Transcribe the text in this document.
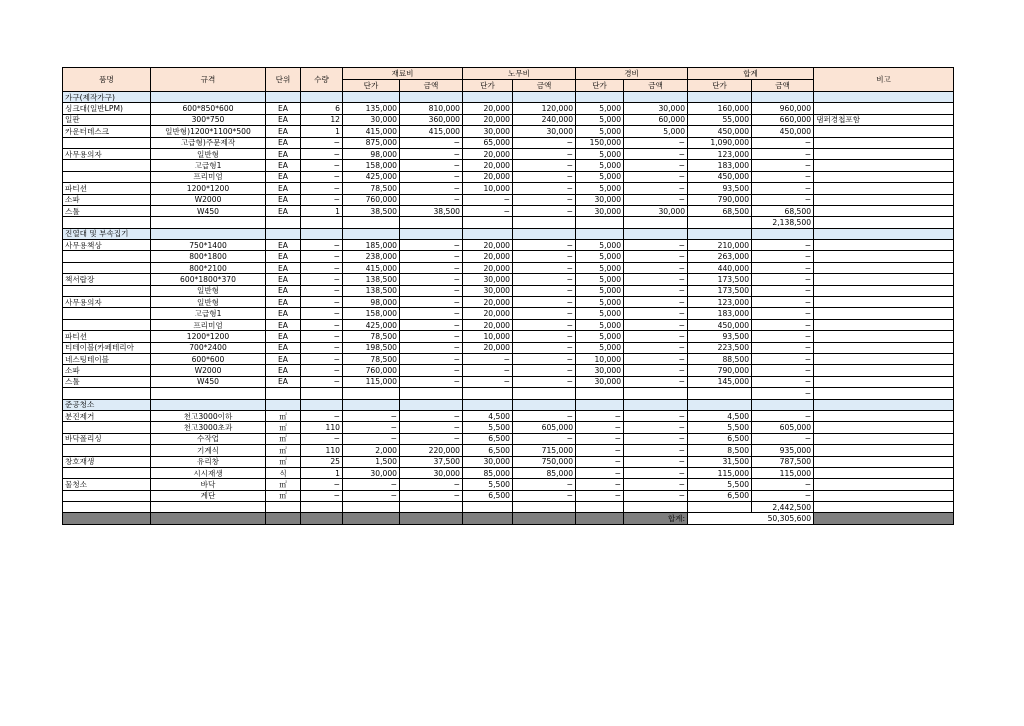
품명	규격	단위	수량	재료비		노무비		경비		합계		비고
				단가	금액	단가	금액	단가	금액	단가	금액	
가구(제작가구)												
싱크대(일반LPM)	600*850*600	EA	6	135,000	810,000	20,000	120,000	5,000	30,000	160,000	960,000	
일판	300*750	EA	12	30,000	360,000	20,000	240,000	5,000	60,000	55,000	660,000	댐퍼경첩포함
카운터데스크	일반형)1200*1100*500	EA	1	415,000	415,000	30,000	30,000	5,000	5,000	450,000	450,000	
	고급형)주문제작	EA	−	875,000	−	65,000	−	150,000	−	1,090,000	−	
사무용의자	일반형	EA	−	98,000	−	20,000	−	5,000	−	123,000	−	
	고급형1	EA	−	158,000	−	20,000	−	5,000	−	183,000	−	
	프리미엄	EA	−	425,000	−	20,000	−	5,000	−	450,000	−	
파티션	1200*1200	EA	−	78,500	−	10,000	−	5,000	−	93,500	−	
소파	W2000	EA	−	760,000	−	−	−	30,000	−	790,000	−	
스툴	W450	EA	1	38,500	38,500	−	−	30,000	30,000	68,500	68,500	
											2,138,500	
진열대 및 부속집기												
사무용책상	750*1400	EA	−	185,000	−	20,000	−	5,000	−	210,000	−	
	800*1800	EA	−	238,000	−	20,000	−	5,000	−	263,000	−	
	800*2100	EA	−	415,000	−	20,000	−	5,000	−	440,000	−	
책서랍장	600*1800*370	EA	−	138,500	−	30,000	−	5,000	−	173,500	−	
	일반형	EA	−	138,500	−	30,000	−	5,000	−	173,500	−	
사무용의자	일반형	EA	−	98,000	−	20,000	−	5,000	−	123,000	−	
	고급형1	EA	−	158,000	−	20,000	−	5,000	−	183,000	−	
	프리미엄	EA	−	425,000	−	20,000	−	5,000	−	450,000	−	
파티션	1200*1200	EA	−	78,500	−	10,000	−	5,000	−	93,500	−	
티테이블(카페테리아	700*2400	EA	−	198,500	−	20,000	−	5,000	−	223,500	−	
네스팅테이블	600*600	EA	−	78,500	−	−	−	10,000	−	88,500	−	
소파	W2000	EA	−	760,000	−	−	−	30,000	−	790,000	−	
스툴	W450	EA	−	115,000	−	−	−	30,000	−	145,000	−	
											−	
준공청소												
분진제거	천고3000이하	㎡	−	−	−	4,500	−	−	−	4,500	−	
	천고3000초과	㎡	110	−	−	5,500	605,000	−	−	5,500	605,000	
바닥폴리싱	수작업	㎡	−	−	−	6,500	−	−	−	6,500	−	
	기계식	㎡	110	2,000	220,000	6,500	715,000	−	−	8,500	935,000	
창호재생	유리창	㎡	25	1,500	37,500	30,000	750,000	−	−	31,500	787,500	
	시시재생	식	1	30,000	30,000	85,000	85,000	−	−	115,000	115,000	
물청소	바닥	㎡	−	−	−	5,500	−	−	−	5,500	−	
	계단	㎡	−	−	−	6,500	−	−	−	6,500	−	
											2,442,500	
									합계:	50,305,600		
